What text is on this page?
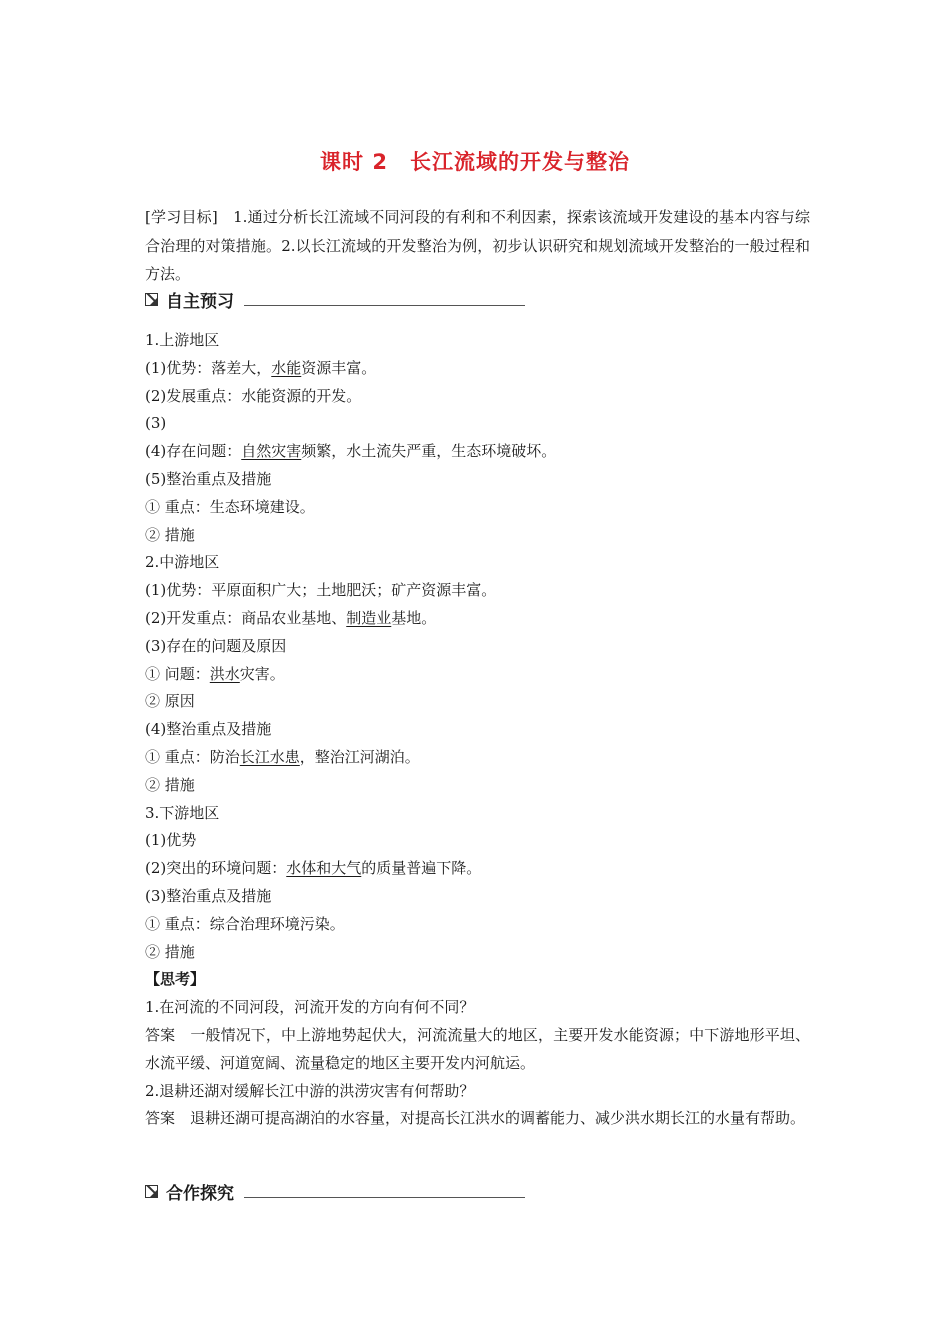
课时 2　长江流域的开发与整治
[学习目标]　1.通过分析长江流域不同河段的有利和不利因素，探索该流域开发建设的基本内容与综合治理的对策措施。2.以长江流域的开发整治为例，初步认识研究和规划流域开发整治的一般过程和方法。
自主预习
1.上游地区
(1)优势：落差大，水能资源丰富。
(2)发展重点：水能资源的开发。
(3)
(4)存在问题：自然灾害频繁，水土流失严重，生态环境破坏。
(5)整治重点及措施
① 重点：生态环境建设。
② 措施
2.中游地区
(1)优势：平原面积广大；土地肥沃；矿产资源丰富。
(2)开发重点：商品农业基地、制造业基地。
(3)存在的问题及原因
① 问题：洪水灾害。
② 原因
(4)整治重点及措施
① 重点：防治长江水患，整治江河湖泊。
② 措施
3.下游地区
(1)优势
(2)突出的环境问题：水体和大气的质量普遍下降。
(3)整治重点及措施
① 重点：综合治理环境污染。
② 措施
【思考】
1.在河流的不同河段，河流开发的方向有何不同？
答案　一般情况下，中上游地势起伏大，河流流量大的地区，主要开发水能资源；中下游地形平坦、水流平缓、河道宽阔、流量稳定的地区主要开发内河航运。
2.退耕还湖对缓解长江中游的洪涝灾害有何帮助？
答案　退耕还湖可提高湖泊的水容量，对提高长江洪水的调蓄能力、减少洪水期长江的水量有帮助。
合作探究
